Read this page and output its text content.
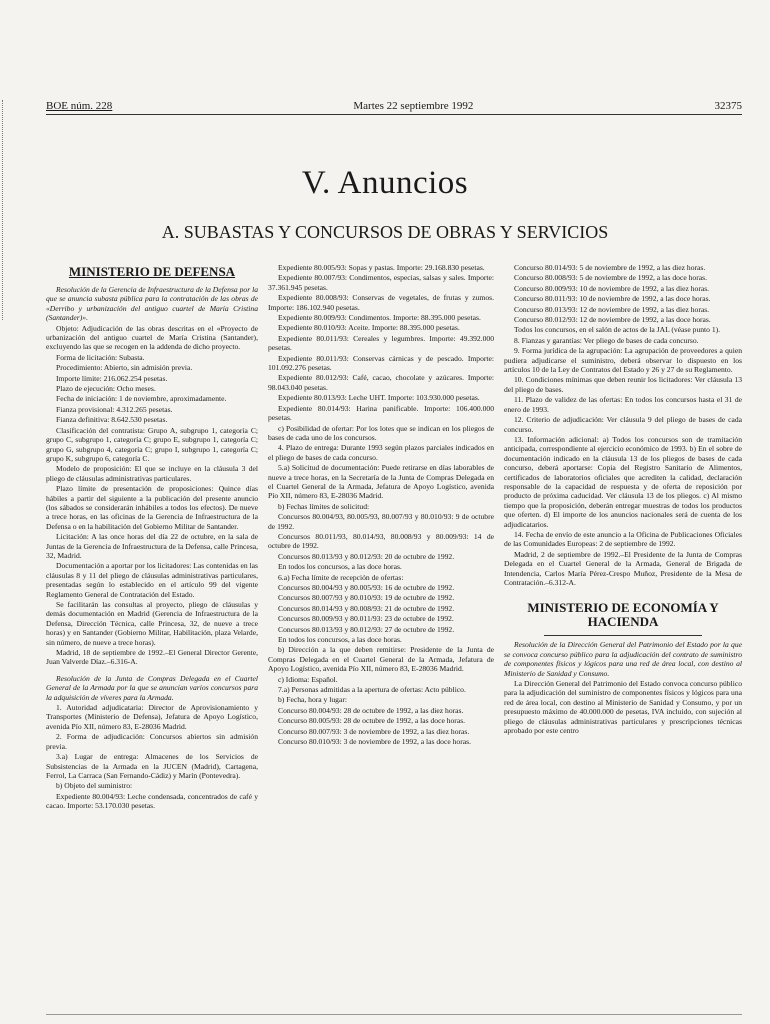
BOE núm. 228	Martes 22 septiembre 1992	32375
V. Anuncios
A. SUBASTAS Y CONCURSOS DE OBRAS Y SERVICIOS
MINISTERIO DE DEFENSA

Resolución de la Gerencia de Infraestructura de la Defensa por la que se anuncia subasta pública para la contratación de las obras de «Derribo y urbanización del antiguo cuartel de María Cristina (Santander)».

Objeto: Adjudicación de las obras descritas en el «Proyecto de urbanización del antiguo cuartel de María Cristina (Santander), excluyendo las que se recogen en la addenda de dicho proyecto.

Forma de licitación: Subasta.

Procedimiento: Abierto, sin admisión previa.

Importe límite: 216.062.254 pesetas.

Plazo de ejecución: Ocho meses.

Fecha de iniciación: 1 de noviembre, aproximadamente.

Fianza provisional: 4.312.265 pesetas.

Fianza definitiva: 8.642.530 pesetas.

Clasificación del contratista: Grupo A, subgrupo 1, categoría C; grupo C, subgrupo 1, categoría C; grupo E, subgrupo 1, categoría C; grupo G, subgrupo 4, categoría C; grupo I, subgrupo 1, categoría C; grupo K, subgrupo 6, categoría C.

Modelo de proposición: El que se incluye en la cláusula 3 del pliego de cláusulas administrativas particulares.

Plazo límite de presentación de proposiciones: Quince días hábiles a partir del siguiente a la publicación del presente anuncio (los sábados se considerarán inhábiles a todos los efectos). De nueve a trece horas, en las oficinas de la Gerencia de Infraestructura de la Defensa o en la habilitación del Gobierno Militar de Santander.

Licitación: A las once horas del día 22 de octubre, en la sala de Juntas de la Gerencia de Infraestructura de la Defensa, calle Princesa, 32, Madrid.

Documentación a aportar por los licitadores: Las contenidas en las cláusulas 8 y 11 del pliego de cláusulas administrativas particulares, presentadas según lo establecido en el artículo 99 del vigente Reglamento General de Contratación del Estado.

Se facilitarán las consultas al proyecto, pliego de cláusulas y demás documentación en Madrid (Gerencia de Infraestructura de la Defensa, Dirección Técnica, calle Princesa, 32, de nueve a trece horas) y en Santander (Gobierno Militar, Habilitación, plaza Velarde, sin número, de nueve a trece horas).

Madrid, 18 de septiembre de 1992.–El General Director Gerente, Juan Valverde Díaz.–6.316-A.

Resolución de la Junta de Compras Delegada en el Cuartel General de la Armada por la que se anuncian varios concursos para la adquisición de víveres para la Armada.

1. Autoridad adjudicataria: Director de Aprovisionamiento y Transportes (Ministerio de Defensa), Jefatura de Apoyo Logístico, avenida Pío XII, número 83, E-28036 Madrid.

2. Forma de adjudicación: Concursos abiertos sin admisión previa.

3.a) Lugar de entrega: Almacenes de los Servicios de Subsistencias de la Armada en la JUCEN (Madrid), Cartagena, Ferrol, La Carraca (San Fernando-Cádiz) y Marín (Pontevedra).

b) Objeto del suministro:

Expediente 80.004/93: Leche condensada, concentrados de café y cacao. Importe: 53.170.030 pesetas.

Expediente 80.005/93: Sopas y pastas. Importe: 29.168.830 pesetas.

Expediente 80.007/93: Condimentos, especias, salsas y sales. Importe: 37.361.945 pesetas.

Expediente 80.008/93: Conservas de vegetales, de frutas y zumos. Importe: 186.102.940 pesetas.

Expediente 80.009/93: Condimentos. Importe: 88.395.000 pesetas.

Expediente 80.010/93: Aceite. Importe: 88.395.000 pesetas.

Expediente 80.011/93: Cereales y legumbres. Importe: 49.392.000 pesetas.

Expediente 80.011/93: Conservas cárnicas y de pescado. Importe: 101.092.276 pesetas.

Expediente 80.012/93: Café, cacao, chocolate y azúcares. Importe: 98.043.040 pesetas.

Expediente 80.013/93: Leche UHT. Importe: 103.930.000 pesetas.

Expediente 80.014/93: Harina panificable. Importe: 106.400.000 pesetas.

c) Posibilidad de ofertar: Por los lotes que se indican en los pliegos de bases de cada uno de los concursos.

4. Plazo de entrega: Durante 1993 según plazos parciales indicados en el pliego de bases de cada concurso.

5.a) Solicitud de documentación: Puede retirarse en días laborables de nueve a trece horas, en la Secretaría de la Junta de Compras Delegada en el Cuartel General de la Armada, Jefatura de Apoyo Logístico, avenida Pío XII, número 83, E-28036 Madrid.

b) Fechas límites de solicitud:

Concursos 80.004/93, 80.005/93, 80.007/93 y 80.010/93: 9 de octubre de 1992.

Concursos 80.011/93, 80.014/93, 80.008/93 y 80.009/93: 14 de octubre de 1992.

Concursos 80.013/93 y 80.012/93: 20 de octubre de 1992.

En todos los concursos, a las doce horas.

6.a) Fecha límite de recepción de ofertas:

Concursos 80.004/93 y 80.005/93: 16 de octubre de 1992.

Concursos 80.007/93 y 80.010/93: 19 de octubre de 1992.

Concursos 80.014/93 y 80.008/93: 21 de octubre de 1992.

Concursos 80.009/93 y 80.011/93: 23 de octubre de 1992.

Concursos 80.013/93 y 80.012/93: 27 de octubre de 1992.

En todos los concursos, a las doce horas.

b) Dirección a la que deben remitirse: Presidente de la Junta de Compras Delegada en el Cuartel General de la Armada, Jefatura de Apoyo Logístico, avenida Pío XII, número 83, E-28036 Madrid.

c) Idioma: Español.

7.a) Personas admitidas a la apertura de ofertas: Acto público.

b) Fecha, hora y lugar:

Concurso 80.004/93: 28 de octubre de 1992, a las diez horas.

Concurso 80.005/93: 28 de octubre de 1992, a las doce horas.

Concurso 80.007/93: 3 de noviembre de 1992, a las diez horas.

Concurso 80.010/93: 3 de noviembre de 1992, a las doce horas.

Concurso 80.014/93: 5 de noviembre de 1992, a las diez horas.

Concurso 80.008/93: 5 de noviembre de 1992, a las doce horas.

Concurso 80.009/93: 10 de noviembre de 1992, a las diez horas.

Concurso 80.011/93: 10 de noviembre de 1992, a las doce horas.

Concurso 80.013/93: 12 de noviembre de 1992, a las diez horas.

Concurso 80.012/93: 12 de noviembre de 1992, a las doce horas.

Todos los concursos, en el salón de actos de la JAL (véase punto 1).

8. Fianzas y garantías: Ver pliego de bases de cada concurso.

9. Forma jurídica de la agrupación: La agrupación de proveedores a quien pudiera adjudicarse el suministro, deberá observar lo dispuesto en los artículos 10 de la Ley de Contratos del Estado y 26 y 27 de su Reglamento.

10. Condiciones mínimas que deben reunir los licitadores: Ver cláusula 13 del pliego de bases.

11. Plazo de validez de las ofertas: En todos los concursos hasta el 31 de enero de 1993.

12. Criterio de adjudicación: Ver cláusula 9 del pliego de bases de cada concurso.

13. Información adicional: a) Todos los concursos son de tramitación anticipada, correspondiente al ejercicio económico de 1993. b) En el sobre de documentación indicado en la cláusula 13 de los pliegos de bases de cada concurso, deberá aportarse: Copia del Registro Sanitario de Alimentos, certificados de laboratorios oficiales que acrediten la calidad, declaración responsable de la capacidad de respuesta y de oferta de reposición por producto de próxima caducidad. Ver cláusula 13 de los pliegos. c) Al mismo tiempo que la proposición, deberán entregar muestras de todos los productos que oferten. d) El importe de los anuncios nacionales será de cuenta de los adjudicatarios.

14. Fecha de envío de este anuncio a la Oficina de Publicaciones Oficiales de las Comunidades Europeas: 2 de septiembre de 1992.

Madrid, 2 de septiembre de 1992.–El Presidente de la Junta de Compras Delegada en el Cuartel General de la Armada, General de Brigada de Intendencia, Carlos María Pérez-Crespo Muñoz, Presidente de la Mesa de Contratación.–6.312-A.

MINISTERIO DE ECONOMÍA Y HACIENDA

Resolución de la Dirección General del Patrimonio del Estado por la que se convoca concurso público para la adjudicación del contrato de suministro de componentes físicos y lógicos para una red de área local, con destino al Ministerio de Sanidad y Consumo.

La Dirección General del Patrimonio del Estado convoca concurso público para la adjudicación del suministro de componentes físicos y lógicos para una red de área local, con destino al Ministerio de Sanidad y Consumo, y por un presupuesto máximo de 40.000.000 de pesetas, IVA incluido, con sujeción al pliego de cláusulas administrativas particulares y prescripciones técnicas aprobado por este centro
